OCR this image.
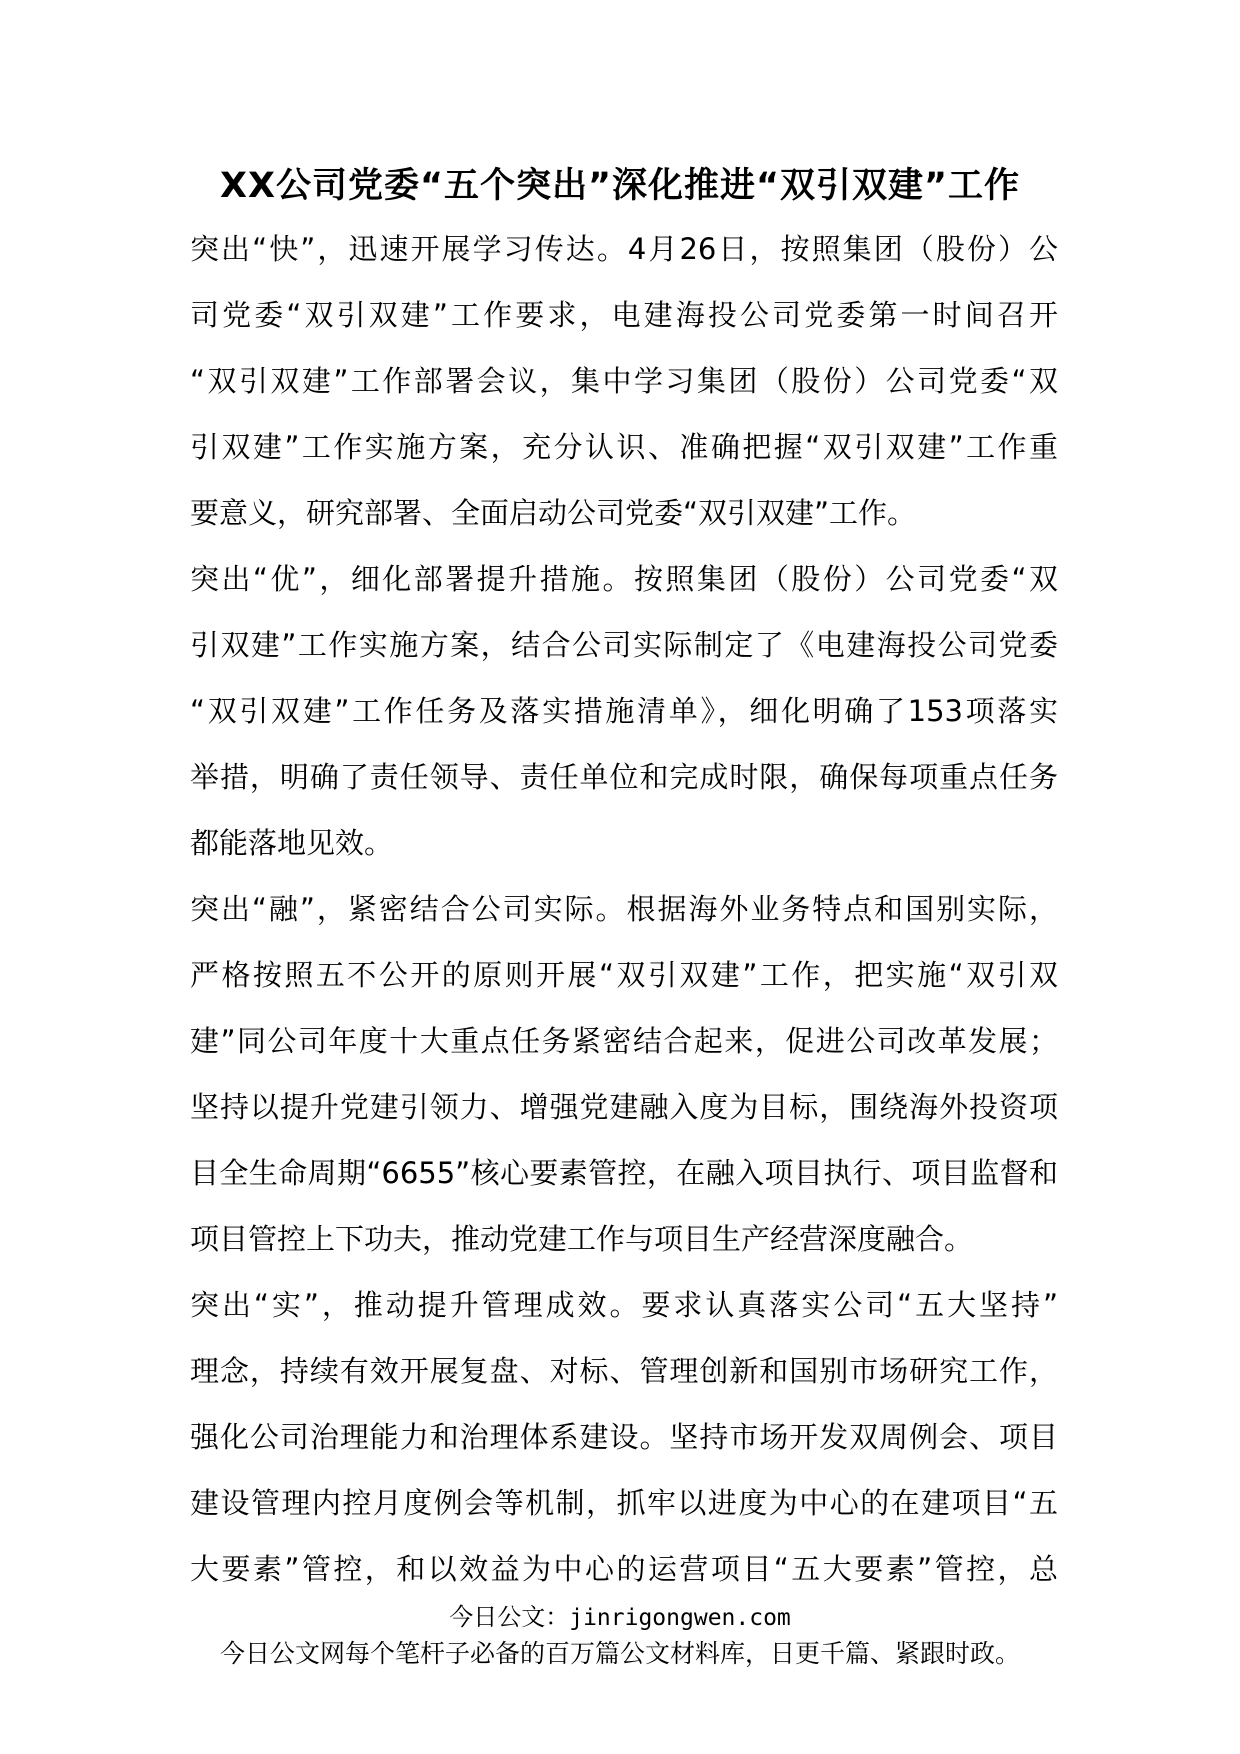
XX公司党委“五个突出”深化推进“双引双建”工作
突出“快”，迅速开展学习传达。4月26日，按照集团（股份）公
司党委“双引双建”工作要求，电建海投公司党委第一时间召开
“双引双建”工作部署会议，集中学习集团（股份）公司党委“双
引双建”工作实施方案，充分认识、准确把握“双引双建”工作重
要意义，研究部署、全面启动公司党委“双引双建”工作。
突出“优”，细化部署提升措施。按照集团（股份）公司党委“双
引双建”工作实施方案，结合公司实际制定了《电建海投公司党委
“双引双建”工作任务及落实措施清单》，细化明确了153项落实
举措，明确了责任领导、责任单位和完成时限，确保每项重点任务
都能落地见效。
突出“融”，紧密结合公司实际。根据海外业务特点和国别实际，
严格按照五不公开的原则开展“双引双建”工作，把实施“双引双
建”同公司年度十大重点任务紧密结合起来，促进公司改革发展；
坚持以提升党建引领力、增强党建融入度为目标，围绕海外投资项
目全生命周期“6655”核心要素管控，在融入项目执行、项目监督和
项目管控上下功夫，推动党建工作与项目生产经营深度融合。
突出“实”，推动提升管理成效。要求认真落实公司“五大坚持”
理念，持续有效开展复盘、对标、管理创新和国别市场研究工作，
强化公司治理能力和治理体系建设。坚持市场开发双周例会、项目
建设管理内控月度例会等机制，抓牢以进度为中心的在建项目“五
大要素”管控，和以效益为中心的运营项目“五大要素”管控，总
今日公文：jinrigongwen.com
今日公文网每个笔杆子必备的百万篇公文材料库，日更千篇、紧跟时政。
